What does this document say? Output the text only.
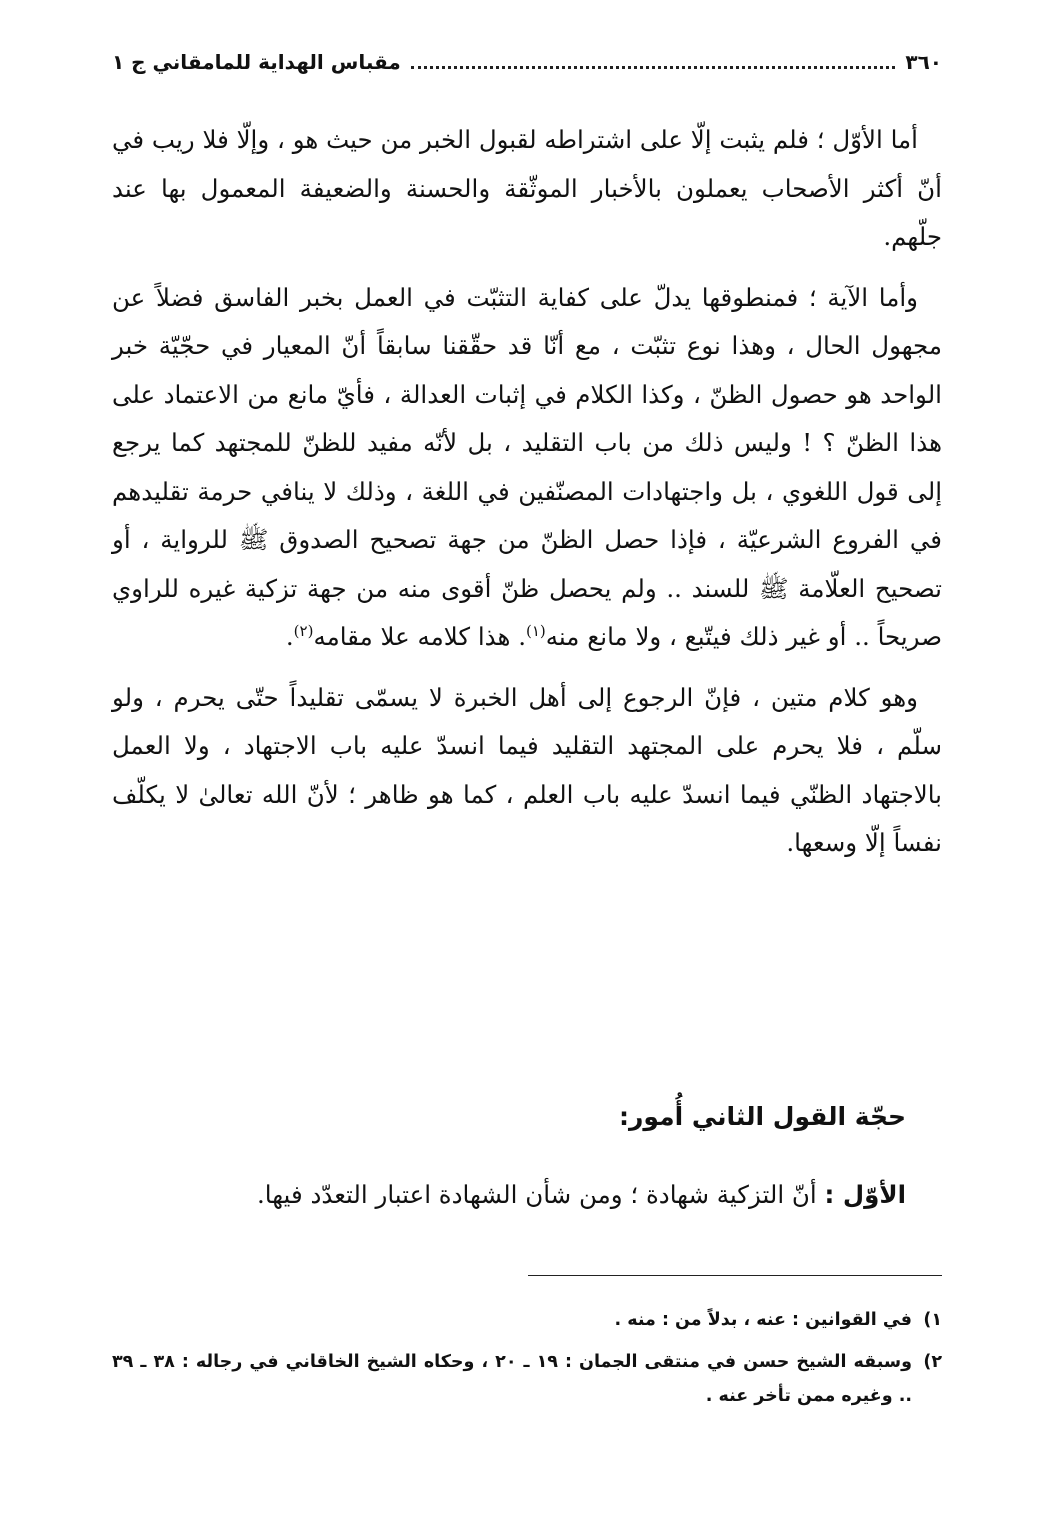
٣٦٠
مقباس الهداية للمامقاني ج ١

أما الأوّل ؛ فلم يثبت إلّا على اشتراطه لقبول الخبر من حيث هو ، وإلّا فلا ريب في أنّ أكثر الأصحاب يعملون بالأخبار الموثّقة والحسنة والضعيفة المعمول بها عند جلّهم.

وأما الآية ؛ فمنطوقها يدلّ على كفاية التثبّت في العمل بخبر الفاسق فضلاً عن مجهول الحال ، وهذا نوع تثبّت ، مع أنّا قد حقّقنا سابقاً أنّ المعيار في حجّيّة خبر الواحد هو حصول الظنّ ، وكذا الكلام في إثبات العدالة ، فأيّ مانع من الاعتماد على هذا الظنّ ؟ ! وليس ذلك من باب التقليد ، بل لأنّه مفيد للظنّ للمجتهد كما يرجع إلى قول اللغوي ، بل واجتهادات المصنّفين في اللغة ، وذلك لا ينافي حرمة تقليدهم في الفروع الشرعيّة ، فإذا حصل الظنّ من جهة تصحيح الصدوق ﷺ للرواية ، أو تصحيح العلّامة ﷺ للسند .. ولم يحصل ظنّ أقوى منه من جهة تزكية غيره للراوي صريحاً .. أو غير ذلك فيتّبع ، ولا مانع منه$^{(١)}$. هذا كلامه علا مقامه$^{(٢)}$.

وهو كلام متين ، فإنّ الرجوع إلى أهل الخبرة لا يسمّى تقليداً حتّى يحرم ، ولو سلّم ، فلا يحرم على المجتهد التقليد فيما انسدّ عليه باب الاجتهاد ، ولا العمل بالاجتهاد الظنّي فيما انسدّ عليه باب العلم ، كما هو ظاهر ؛ لأنّ الله تعالىٰ لا يكلّف نفساً إلّا وسعها.

حجّة القول الثاني أُمور:
الأوّل : أنّ التزكية شهادة ؛ ومن شأن الشهادة اعتبار التعدّد فيها.
١)
في القوانين : عنه ، بدلاً من : منه .
٢)
وسبقه الشيخ حسن في منتقى الجمان : ١٩ ـ ٢٠ ، وحكاه الشيخ الخاقاني في رجاله : ٣٨ ـ ٣٩ .. وغيره ممن تأخر عنه .
